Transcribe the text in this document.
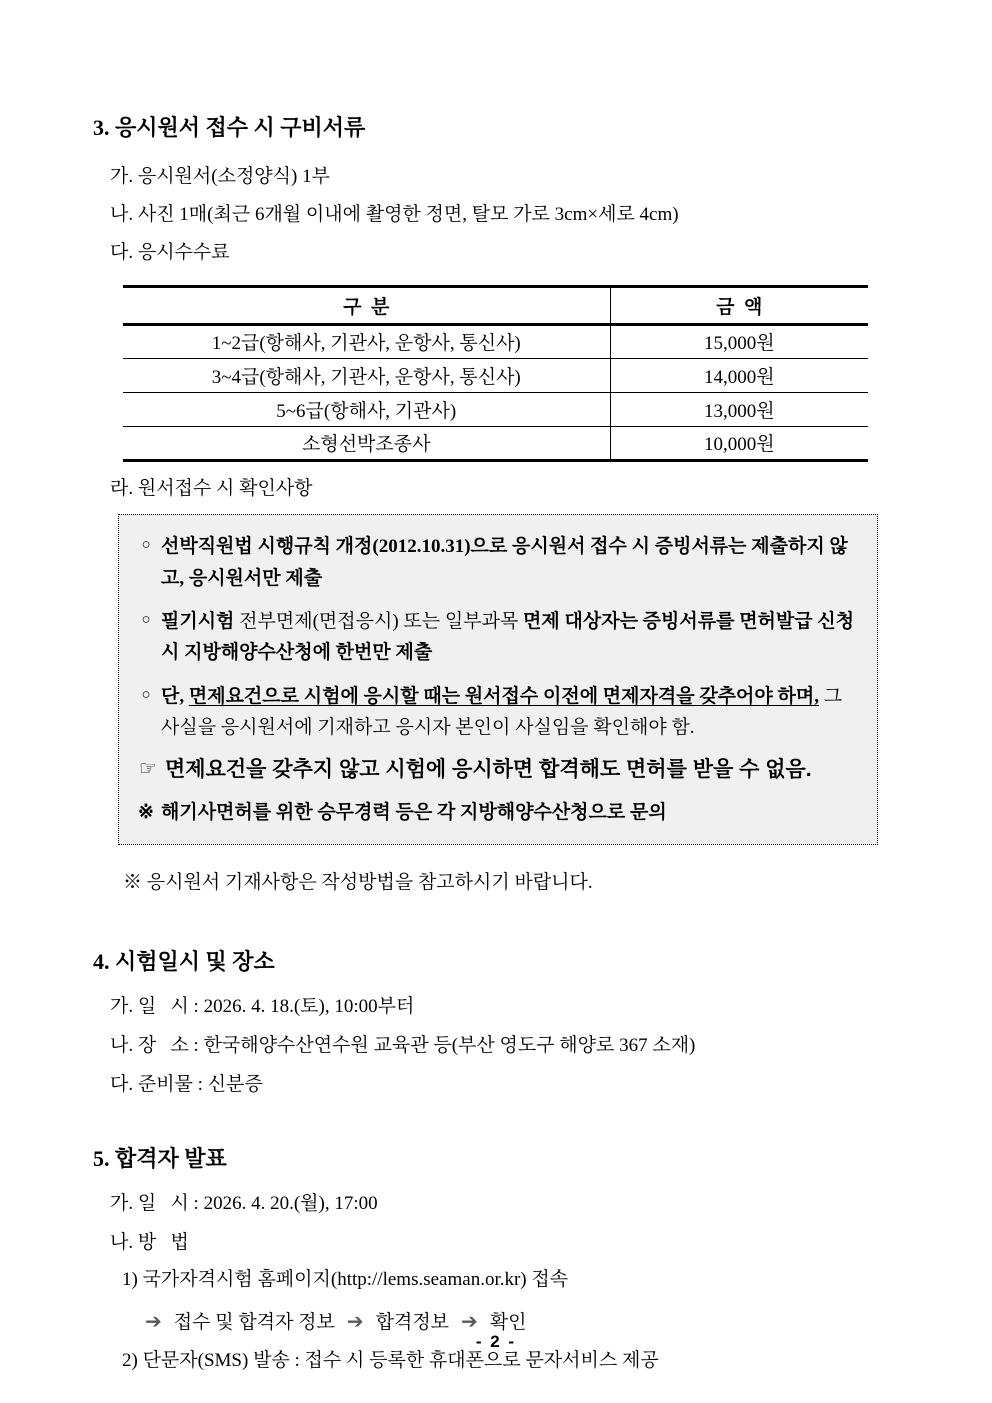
3. 응시원서 접수 시 구비서류
가. 응시원서(소정양식) 1부
나. 사진 1매(최근 6개월 이내에 촬영한 정면, 탈모 가로 3cm×세로 4cm)
다. 응시수수료
구  분	금  액
1~2급(항해사, 기관사, 운항사, 통신사)	15,000원
3~4급(항해사, 기관사, 운항사, 통신사)	14,000원
5~6급(항해사, 기관사)	13,000원
소형선박조종사	10,000원
라. 원서접수 시 확인사항
○ 선박직원법 시행규칙 개정(2012.10.31)으로 응시원서 접수 시 증빙서류는 제출하지 않고, 응시원서만 제출
○ 필기시험 전부면제(면접응시) 또는 일부과목 면제 대상자는 증빙서류를 면허발급 신청 시 지방해양수산청에 한번만 제출
○ 단, 면제요건으로 시험에 응시할 때는 원서접수 이전에 면제자격을 갖추어야 하며, 그 사실을 응시원서에 기재하고 응시자 본인이 사실임을 확인해야 함.
☞ 면제요건을 갖추지 않고 시험에 응시하면 합격해도 면허를 받을 수 없음.
※ 해기사면허를 위한 승무경력 등은 각 지방해양수산청으로 문의
※ 응시원서 기재사항은 작성방법을 참고하시기 바랍니다.
4. 시험일시 및 장소
가. 일   시 : 2026. 4. 18.(토), 10:00부터
나. 장   소 : 한국해양수산연수원 교육관 등(부산 영도구 해양로 367 소재)
다. 준비물 : 신분증
5. 합격자 발표
가. 일   시 : 2026. 4. 20.(월), 17:00
나. 방   법
1) 국가자격시험 홈페이지(http://lems.seaman.or.kr) 접속
➔ 접수 및 합격자 정보 ➔ 합격정보 ➔ 확인
2) 단문자(SMS) 발송 : 접수 시 등록한 휴대폰으로 문자서비스 제공
- 2 -
